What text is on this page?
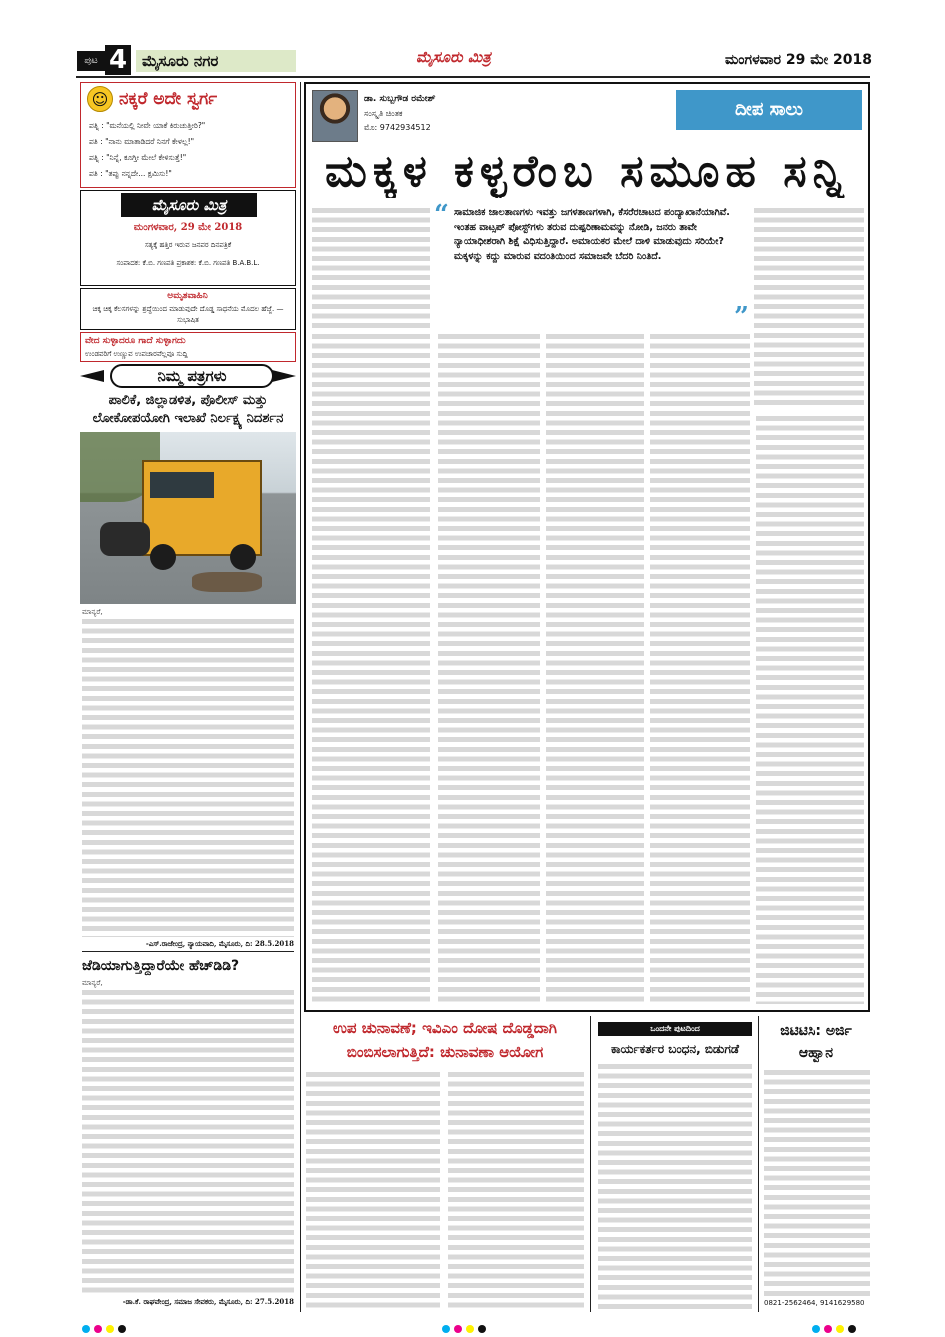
ಪುಟ 4 ಮೈಸೂರು ನಗರ	ಮೈಸೂರು ಮಿತ್ರ	ಮಂಗಳವಾರ 29 ಮೇ 2018
☺ ನಕ್ಕರೆ ಅದೇ ಸ್ವರ್ಗ
ಪತ್ನಿ : "ಮನೆಯಲ್ಲಿ ನೀವೇ ಯಾಕೆ ಕಿರುಚುತ್ತೀರಿ?"
ಪತಿ : "ನಾನು ಮಾತಾಡಿದರೆ ನಿನಗೆ ಕೇಳಲ್ಲ!"
ಪತ್ನಿ : "ನಿನ್ನೆ, ಕೂಗ್ತೀ ಮೇಲೆ ಕೇಳಿಸುತ್ತೆ!"
ಪತಿ : "ತಪ್ಪು ನನ್ನದೇ... ಕ್ಷಮಿಸು!"
ಮೈಸೂರು ಮಿತ್ರ
ಮಂಗಳವಾರ, 29 ಮೇ 2018
ಸತ್ಯಕ್ಕೆ ಹತ್ತಿರ ಇರುವ ಜನಪರ ದಿನಪತ್ರಿಕೆ
ಸಂಪಾದಕ: ಕೆ.ಬಿ. ಗಣಪತಿ ಪ್ರಕಾಶಕ: ಕೆ.ಬಿ. ಗಣಪತಿ B.A.B.L.
ಅಮೃತವಾಹಿನಿ
ಚಿಕ್ಕ ಚಿಕ್ಕ ಕೆಲಸಗಳನ್ನು ಶ್ರದ್ಧೆಯಿಂದ ಮಾಡುವುದೇ ದೊಡ್ಡ ಸಾಧನೆಯ ಮೊದಲ ಹೆಜ್ಜೆ. — ಸುಭಾಷಿತ
ವೇದ ಸುಳ್ಳಾದರೂ ಗಾದೆ ಸುಳ್ಳಾಗದು
ಉಂಡವರಿಗೆ ಉಣ್ಣುವ ಉಪಚಾರವೆಲ್ಲವೂ ಸುದ್ದಿ
ನಿಮ್ಮ ಪತ್ರಗಳು
ಪಾಲಿಕೆ, ಜಿಲ್ಲಾಡಳಿತ, ಪೊಲೀಸ್ ಮತ್ತು ಲೋಕೋಪಯೋಗಿ ಇಲಾಖೆ ನಿರ್ಲಕ್ಷ್ಯ ನಿದರ್ಶನ
ಮಾನ್ಯರೆ,
-ಎಸ್.ರಾಜೇಂದ್ರ, ನ್ಯಾಯವಾದಿ, ಮೈಸೂರು, ದಿ: 28.5.2018
ಜೆಡಿಯಾಗುತ್ತಿದ್ದಾರೆಯೇ ಹೆಚ್‌ಡಿಡಿ?
ಮಾನ್ಯರೆ,
-ಡಾ.ಕೆ. ರಾಘವೇಂದ್ರ, ಸಮಾಜ ಸೇವಕರು, ಮೈಸೂರು, ದಿ: 27.5.2018
ಡಾ. ಸುಬ್ಬಗೌಡ ರಮೇಶ್
ಸಂಸ್ಕೃತಿ ಚಿಂತಕ
ಮೊ: 9742934512
ದೀಪ ಸಾಲು
ಮಕ್ಕಳ ಕಳ್ಳರೆಂಬ ಸಮೂಹ ಸನ್ನಿ
“ ಸಾಮಾಜಿಕ ಜಾಲತಾಣಗಳು ಇವತ್ತು ಜಗಳತಾಣಗಳಾಗಿ, ಕೆಸರೆರಚಾಟದ ಪಂದ್ಯಾಖಾನೆಯಾಗಿವೆ. ಇಂತಹ ವಾಟ್ಸಪ್ ಪೋಸ್ಟ್‌ಗಳು ತರುವ ದುಷ್ಪರಿಣಾಮವನ್ನು ನೋಡಿ, ಜನರು ತಾವೇ ನ್ಯಾಯಾಧೀಶರಾಗಿ ಶಿಕ್ಷೆ ವಿಧಿಸುತ್ತಿದ್ದಾರೆ. ಅಮಾಯಕರ ಮೇಲೆ ದಾಳಿ ಮಾಡುವುದು ಸರಿಯೇ? ಮಕ್ಕಳನ್ನು ಕದ್ದು ಮಾರುವ ವದಂತಿಯಿಂದ ಸಮಾಜವೇ ಬೆದರಿ ನಿಂತಿದೆ.
”
ಉಪ ಚುನಾವಣೆ; ಇವಿಎಂ ದೋಷ ದೊಡ್ಡದಾಗಿ ಬಿಂಬಿಸಲಾಗುತ್ತಿದೆ: ಚುನಾವಣಾ ಆಯೋಗ
ಒಂದನೇ ಪುಟದಿಂದ
ಕಾರ್ಯಕರ್ತರ ಬಂಧನ, ಬಿಡುಗಡೆ
ಜಿಟಿಟಿಸಿ: ಅರ್ಜಿ ಆಹ್ವಾನ
0821-2562464, 9141629580
